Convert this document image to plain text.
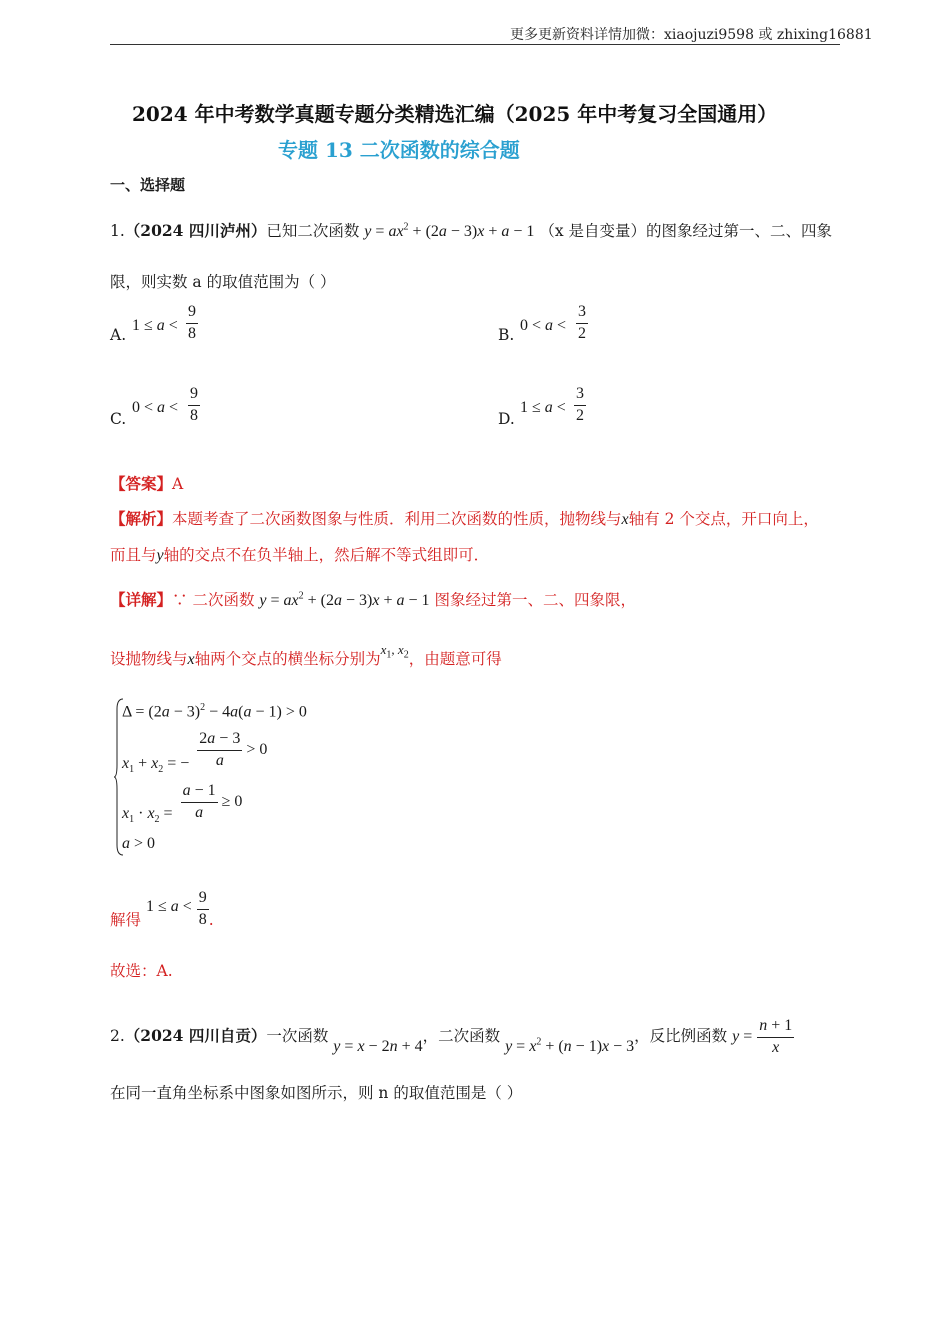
更多更新资料详情加微：xiaojuzi9598 或 zhixing16881
2024 年中考数学真题专题分类精选汇编（2025 年中考复习全国通用）
专题 13 二次函数的综合题
一、选择题
1.（2024 四川泸州）已知二次函数 $y = ax^2 + (2a - 3)x + a - 1$ （x 是自变量）的图象经过第一、二、四象
限，则实数 a 的取值范围为（ ）
A.
$1 \le a < \frac{9}{8}$	B.
$0 < a < \frac{3}{2}$
C.
$0 < a < \frac{9}{8}$	D.
$1 \le a < \frac{3}{2}$
【答案】A
【解析】本题考查了二次函数图象与性质．利用二次函数的性质，抛物线与x轴有 2 个交点，开口向上，
而且与y轴的交点不在负半轴上，然后解不等式组即可．
【详解】∵ 二次函数 $y = ax^2 + (2a - 3)x + a - 1$ 图象经过第一、二、四象限，
设抛物线与x轴两个交点的横坐标分别为$^{x_1, x_2}$，由题意可得
$\Delta = (2a - 3)^2 - 4a(a - 1) > 0$
$x_1 + x_2$ = − $\frac{2a - 3}{a} > 0$
$x_1 \cdot x_2 = \frac{a - 1}{a} \ge 0$
a > 0
解得 $1 \le a < \frac{9}{8}$ .
故选：A.
2.（2024 四川自贡）一次函数 y = x − 2n + 4，二次函数 $y = x^2 + (n - 1)x - 3$，反比例函数 $y = \frac{n + 1}{x}$
在同一直角坐标系中图象如图所示，则 n 的取值范围是（ ）
